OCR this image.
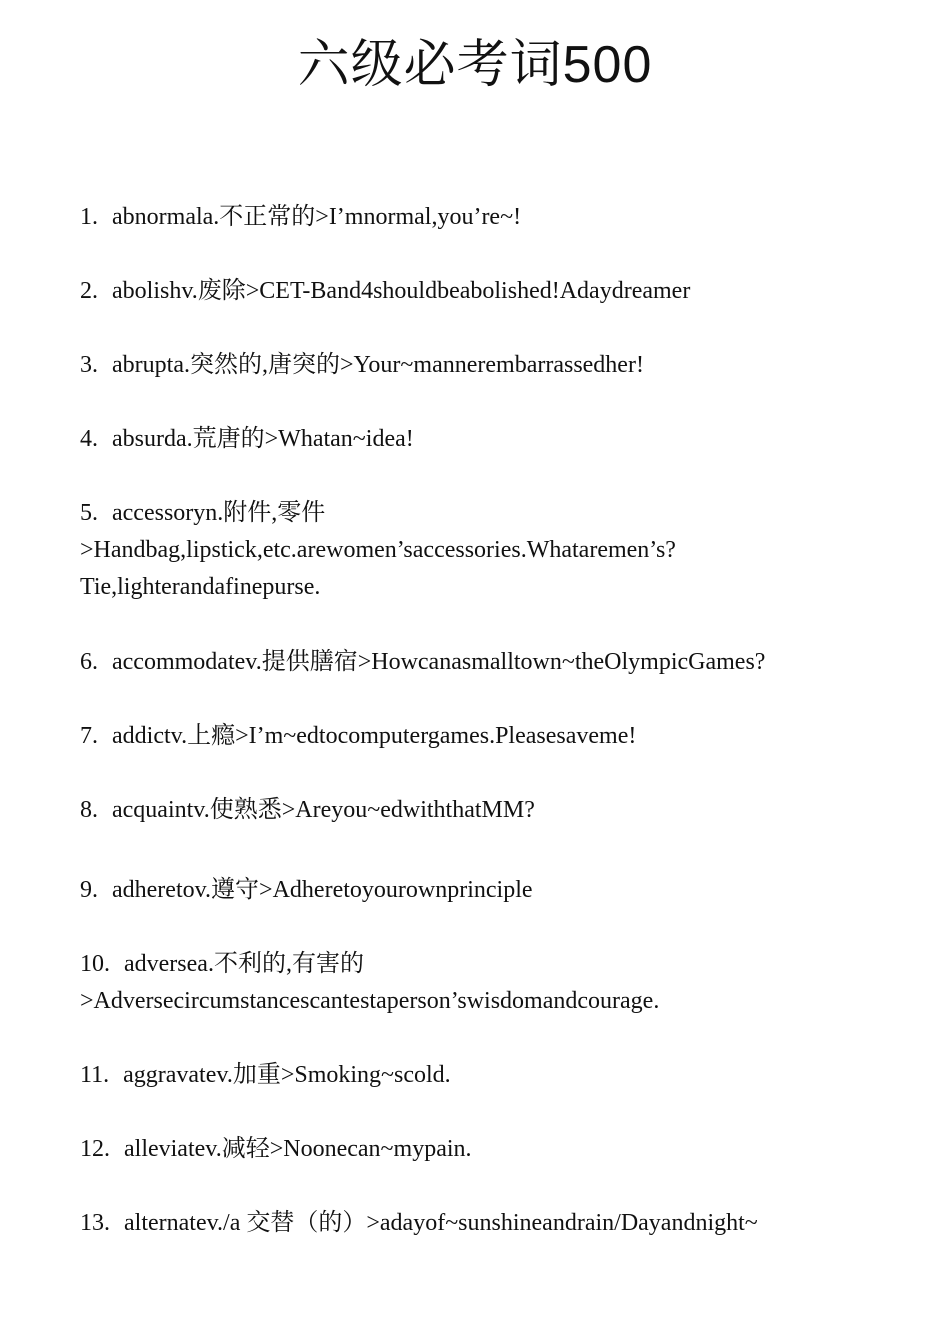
六级必考词500
1. abnormala.不正常的>I’mnormal,you’re~!
2. abolishv.废除>CET-Band4shouldbeabolished!Adaydreamer
3. abrupta.突然的,唐突的>Your~mannerembarrassedher!
4. absurda.荒唐的>Whatan~idea!
5. accessoryn.附件,零件
>Handbag,lipstick,etc.arewomen’saccessories.Whataremen’s?
Tie,lighterandafinepurse.
6. accommodatev.提供膳宿>Howcanasmalltown~theOlympicGames?
7. addictv.上瘾>I’m~edtocomputergames.Pleasesaveme!
8. acquaintv.使熟悉>Areyou~edwiththatMM?
9. adheretov.遵守>Adheretoyourownprinciple
10. adversea.不利的,有害的
>Adversecircumstancescantestaperson’swisdomandcourage.
11. aggravatev.加重>Smoking~scold.
12. alleviatev.减轻>Noonecan~mypain.
13. alternatev./a 交替（的）>adayof~sunshineandrain/Dayandnight~
